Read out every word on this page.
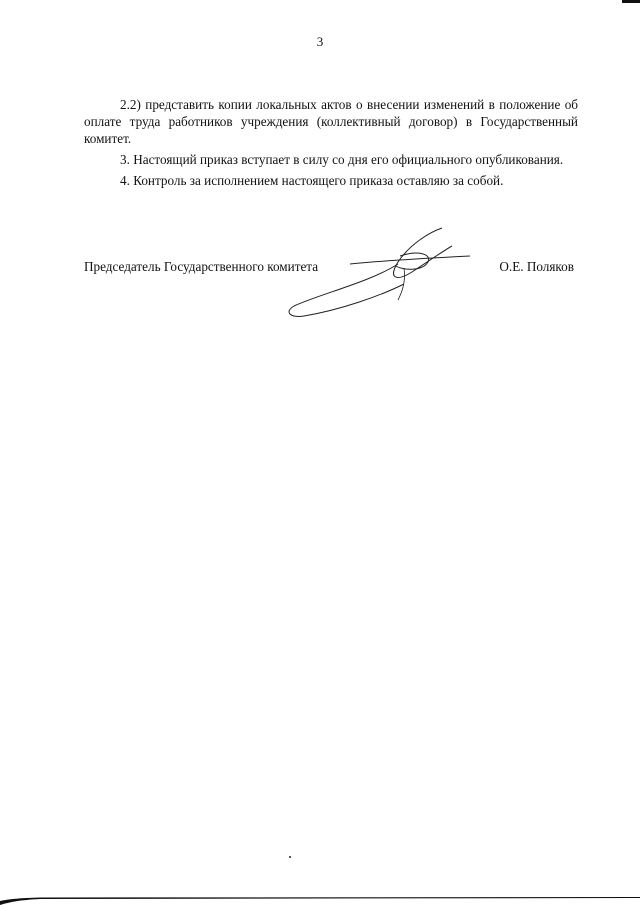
3

2.2) представить копии локальных актов о внесении изменений в положение об оплате труда работников учреждения (коллективный договор) в Государственный комитет.

3. Настоящий приказ вступает в силу со дня его официального опубликования.

4. Контроль за исполнением настоящего приказа оставляю за собой.

Председатель Государственного комитета	О.Е. Поляков
